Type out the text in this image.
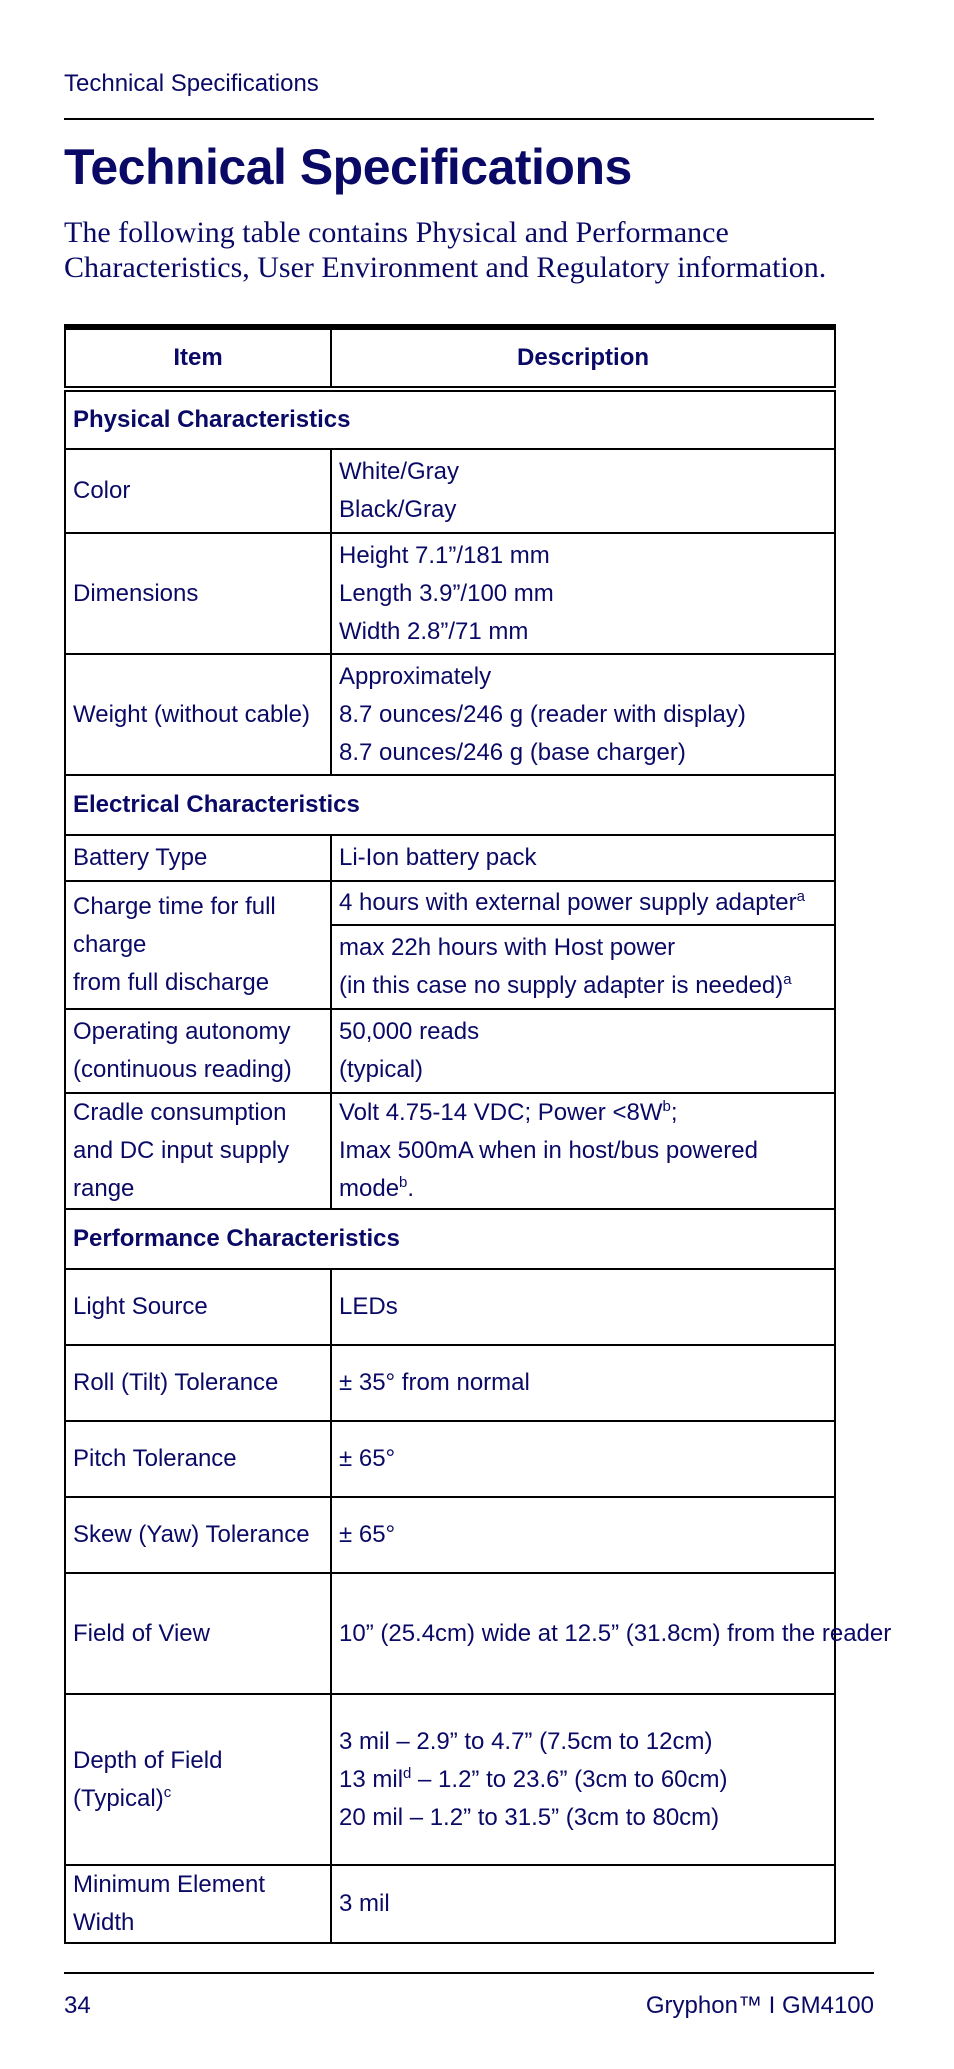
Technical Specifications
Technical Specifications

The following table contains Physical and Performance Characteristics, User Environment and Regulatory information.

Item	Description
Physical Characteristics	
Color	White/Gray
Black/Gray

Dimensions	Height 7.1”/181 mm
Length 3.9”/100 mm
Width 2.8”/71 mm

Weight (without cable)	Approximately
8.7 ounces/246 g (reader with display)
8.7 ounces/246 g (base charger)

Electrical Characteristics	
Battery Type	Li-Ion battery pack

Charge time for full charge
from full discharge	4 hours with external power supply adapter$^a$

	max 22h hours with Host power
(in this case no supply adapter is needed)$^a$

Operating autonomy
(continuous reading)	50,000 reads
(typical)

Cradle consumption
and DC input supply range	Volt 4.75-14 VDC; Power $<8W^b$;
Imax 500mA when in host/bus powered mode$^b$.

Performance Characteristics	
Light Source	LEDs
Roll (Tilt) Tolerance	± 35° from normal
Pitch Tolerance	± 65°
Skew (Yaw) Tolerance	± 65°
Field of View	10” (25.4cm) wide at 12.5” (31.8cm) from the reader
Depth of Field (Typical)$^c$	3 mil – 2.9” to 4.7” (7.5cm to 12cm)
13 mil$^d$ – 1.2” to 23.6” (3cm to 60cm)
20 mil – 1.2” to 31.5” (3cm to 80cm)

Minimum Element Width	3 mil
34	Gryphon™ I GM4100
